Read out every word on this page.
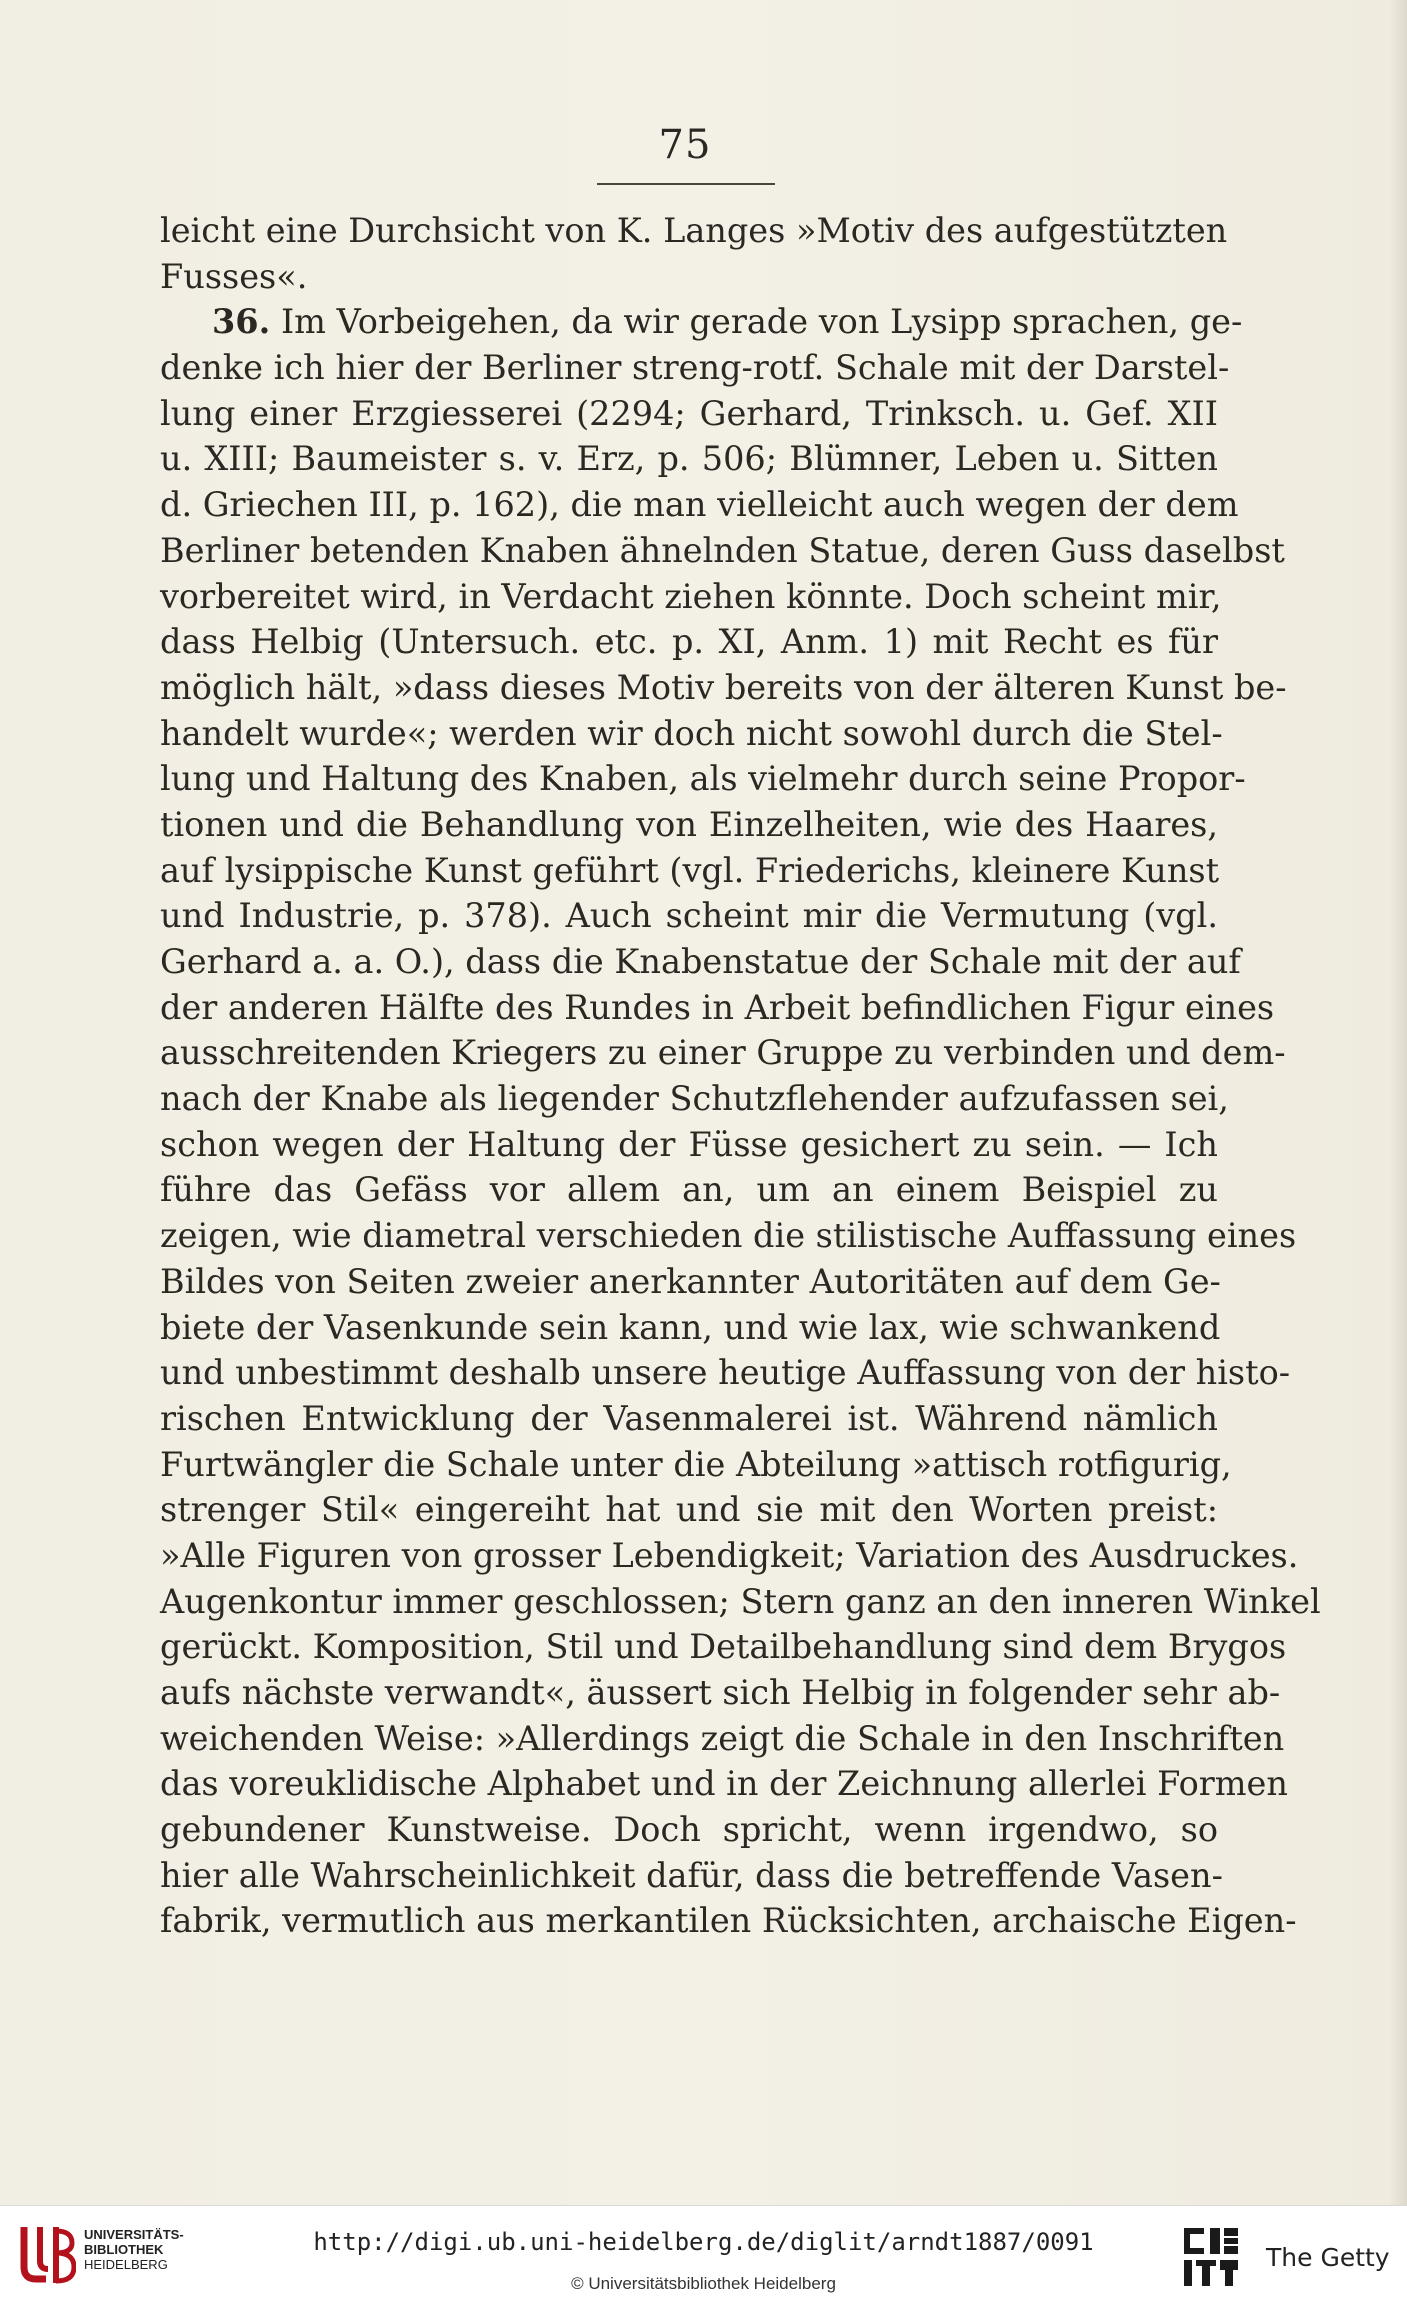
75
leicht eine Durchsicht von K. Langes »Motiv des aufgestützten
Fusses«.
36. Im Vorbeigehen, da wir gerade von Lysipp sprachen, ge-
denke ich hier der Berliner streng-rotf. Schale mit der Darstel-
lung einer Erzgiesserei (2294; Gerhard, Trinksch. u. Gef. XII
u. XIII; Baumeister s. v. Erz, p. 506; Blümner, Leben u. Sitten
d. Griechen III, p. 162), die man vielleicht auch wegen der dem
Berliner betenden Knaben ähnelnden Statue, deren Guss daselbst
vorbereitet wird, in Verdacht ziehen könnte. Doch scheint mir,
dass Helbig (Untersuch. etc. p. XI, Anm. 1) mit Recht es für
möglich hält, »dass dieses Motiv bereits von der älteren Kunst be-
handelt wurde«; werden wir doch nicht sowohl durch die Stel-
lung und Haltung des Knaben, als vielmehr durch seine Propor-
tionen und die Behandlung von Einzelheiten, wie des Haares,
auf lysippische Kunst geführt (vgl. Friederichs, kleinere Kunst
und Industrie, p. 378). Auch scheint mir die Vermutung (vgl.
Gerhard a. a. O.), dass die Knabenstatue der Schale mit der auf
der anderen Hälfte des Rundes in Arbeit befindlichen Figur eines
ausschreitenden Kriegers zu einer Gruppe zu verbinden und dem-
nach der Knabe als liegender Schutzflehender aufzufassen sei,
schon wegen der Haltung der Füsse gesichert zu sein. — Ich
führe das Gefäss vor allem an, um an einem Beispiel zu
zeigen, wie diametral verschieden die stilistische Auffassung eines
Bildes von Seiten zweier anerkannter Autoritäten auf dem Ge-
biete der Vasenkunde sein kann, und wie lax, wie schwankend
und unbestimmt deshalb unsere heutige Auffassung von der histo-
rischen Entwicklung der Vasenmalerei ist. Während nämlich
Furtwängler die Schale unter die Abteilung »attisch rotfigurig,
strenger Stil« eingereiht hat und sie mit den Worten preist:
»Alle Figuren von grosser Lebendigkeit; Variation des Ausdruckes.
Augenkontur immer geschlossen; Stern ganz an den inneren Winkel
gerückt. Komposition, Stil und Detailbehandlung sind dem Brygos
aufs nächste verwandt«, äussert sich Helbig in folgender sehr ab-
weichenden Weise: »Allerdings zeigt die Schale in den Inschriften
das voreuklidische Alphabet und in der Zeichnung allerlei Formen
gebundener Kunstweise. Doch spricht, wenn irgendwo, so
hier alle Wahrscheinlichkeit dafür, dass die betreffende Vasen-
fabrik, vermutlich aus merkantilen Rücksichten, archaische Eigen-
UNIVERSITÄTS-
BIBLIOTHEK
HEIDELBERG
http://digi.ub.uni-heidelberg.de/diglit/arndt1887/0091
© Universitätsbibliothek Heidelberg
The Getty
